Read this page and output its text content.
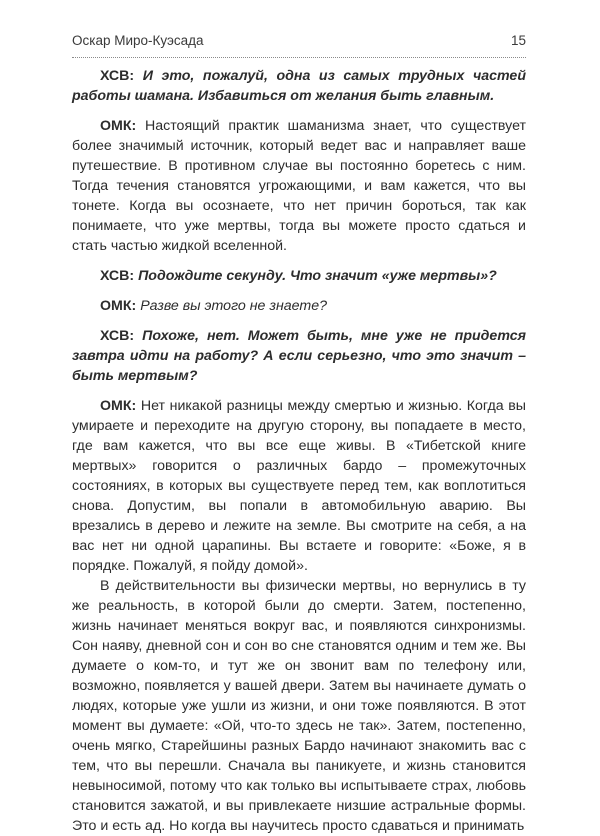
Оскар Миро-Куэсада	15

ХСВ: И это, пожалуй, одна из самых трудных частей работы шамана. Избавиться от желания быть главным.

ОМК: Настоящий практик шаманизма знает, что существует более значимый источник, который ведет вас и направляет ваше путешествие. В противном случае вы постоянно боретесь с ним. Тогда течения становятся угрожающими, и вам кажется, что вы тонете. Когда вы осознаете, что нет причин бороться, так как понимаете, что уже мертвы, тогда вы можете просто сдаться и стать частью жидкой вселенной.

ХСВ: Подождите секунду. Что значит «уже мертвы»?

ОМК: Разве вы этого не знаете?

ХСВ: Похоже, нет. Может быть, мне уже не придется завтра идти на работу? А если серьезно, что это значит – быть мертвым?

ОМК: Нет никакой разницы между смертью и жизнью. Когда вы умираете и переходите на другую сторону, вы попадаете в место, где вам кажется, что вы все еще живы. В «Тибетской книге мертвых» говорится о различных бардо – промежуточных состояниях, в которых вы существуете перед тем, как воплотиться снова. Допустим, вы попали в автомобильную аварию. Вы врезались в дерево и лежите на земле. Вы смотрите на себя, а на вас нет ни одной царапины. Вы встаете и говорите: «Боже, я в порядке. Пожалуй, я пойду домой».

В действительности вы физически мертвы, но вернулись в ту же реальность, в которой были до смерти. Затем, постепенно, жизнь начинает меняться вокруг вас, и появляются синхронизмы. Сон наяву, дневной сон и сон во сне становятся одним и тем же. Вы думаете о ком-то, и тут же он звонит вам по телефону или, возможно, появляется у вашей двери. Затем вы начинаете думать о людях, которые уже ушли из жизни, и они тоже появляются. В этот момент вы думаете: «Ой, что-то здесь не так». Затем, постепенно, очень мягко, Старейшины разных Бардо начинают знакомить вас с тем, что вы перешли. Сначала вы паникуете, и жизнь становится невыносимой, потому что как только вы испытываете страх, любовь становится зажатой, и вы привлекаете низшие астральные формы. Это и есть ад. Но когда вы научитесь просто сдаваться и принимать
